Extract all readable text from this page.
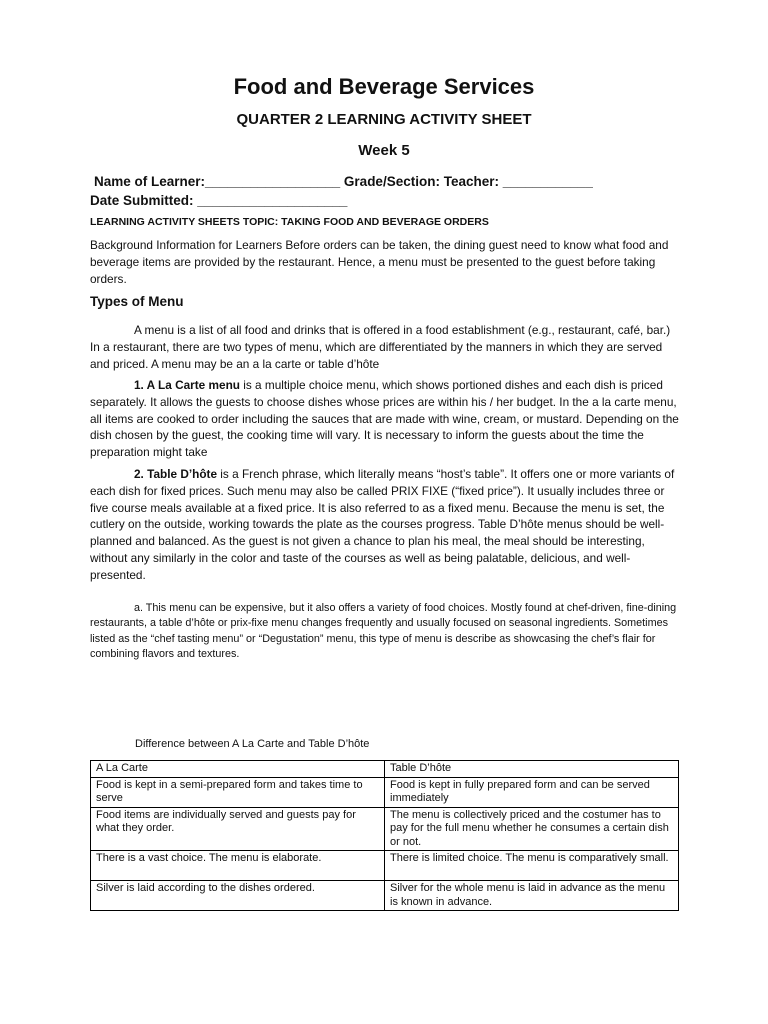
Food and Beverage Services
QUARTER 2 LEARNING ACTIVITY SHEET
Week 5
Name of Learner:__________________ Grade/Section: Teacher: ____________
Date Submitted: ____________________
LEARNING ACTIVITY SHEETS TOPIC: TAKING FOOD AND BEVERAGE ORDERS

Background Information for Learners Before orders can be taken, the dining guest need to know what food and beverage items are provided by the restaurant. Hence, a menu must be presented to the guest before taking orders.

Types of Menu

A menu is a list of all food and drinks that is offered in a food establishment (e.g., restaurant, café, bar.) In a restaurant, there are two types of menu, which are differentiated by the manners in which they are served and priced. A menu may be an a la carte or table d’hôte

1. A La Carte menu is a multiple choice menu, which shows portioned dishes and each dish is priced separately. It allows the guests to choose dishes whose prices are within his / her budget. In the a la carte menu, all items are cooked to order including the sauces that are made with wine, cream, or mustard. Depending on the dish chosen by the guest, the cooking time will vary. It is necessary to inform the guests about the time the preparation might take

2. Table D’hôte is a French phrase, which literally means “host’s table”. It offers one or more variants of each dish for fixed prices. Such menu may also be called PRIX FIXE (“fixed price”). It usually includes three or five course meals available at a fixed price. It is also referred to as a fixed menu. Because the menu is set, the cutlery on the outside, working towards the plate as the courses progress. Table D’hôte menus should be well-planned and balanced. As the guest is not given a chance to plan his meal, the meal should be interesting, without any similarly in the color and taste of the courses as well as being palatable, delicious, and well-presented.

a. This menu can be expensive, but it also offers a variety of food choices. Mostly found at chef-driven, fine-dining restaurants, a table d’hôte or prix-fixe menu changes frequently and usually focused on seasonal ingredients. Sometimes listed as the “chef tasting menu” or “Degustation” menu, this type of menu is describe as showcasing the chef’s flair for combining flavors and textures.

Difference between A La Carte and Table D’hôte
A La Carte	Table D’hôte
Food is kept in a semi-prepared form and takes time to serve	Food is kept in fully prepared form and can be served immediately
Food items are individually served and guests pay for what they order.	The menu is collectively priced and the costumer has to pay for the full menu whether he consumes a certain dish or not.
There is a vast choice. The menu is elaborate.	There is limited choice. The menu is comparatively small.
Silver is laid according to the dishes ordered.	Silver for the whole menu is laid in advance as the menu is known in advance.
